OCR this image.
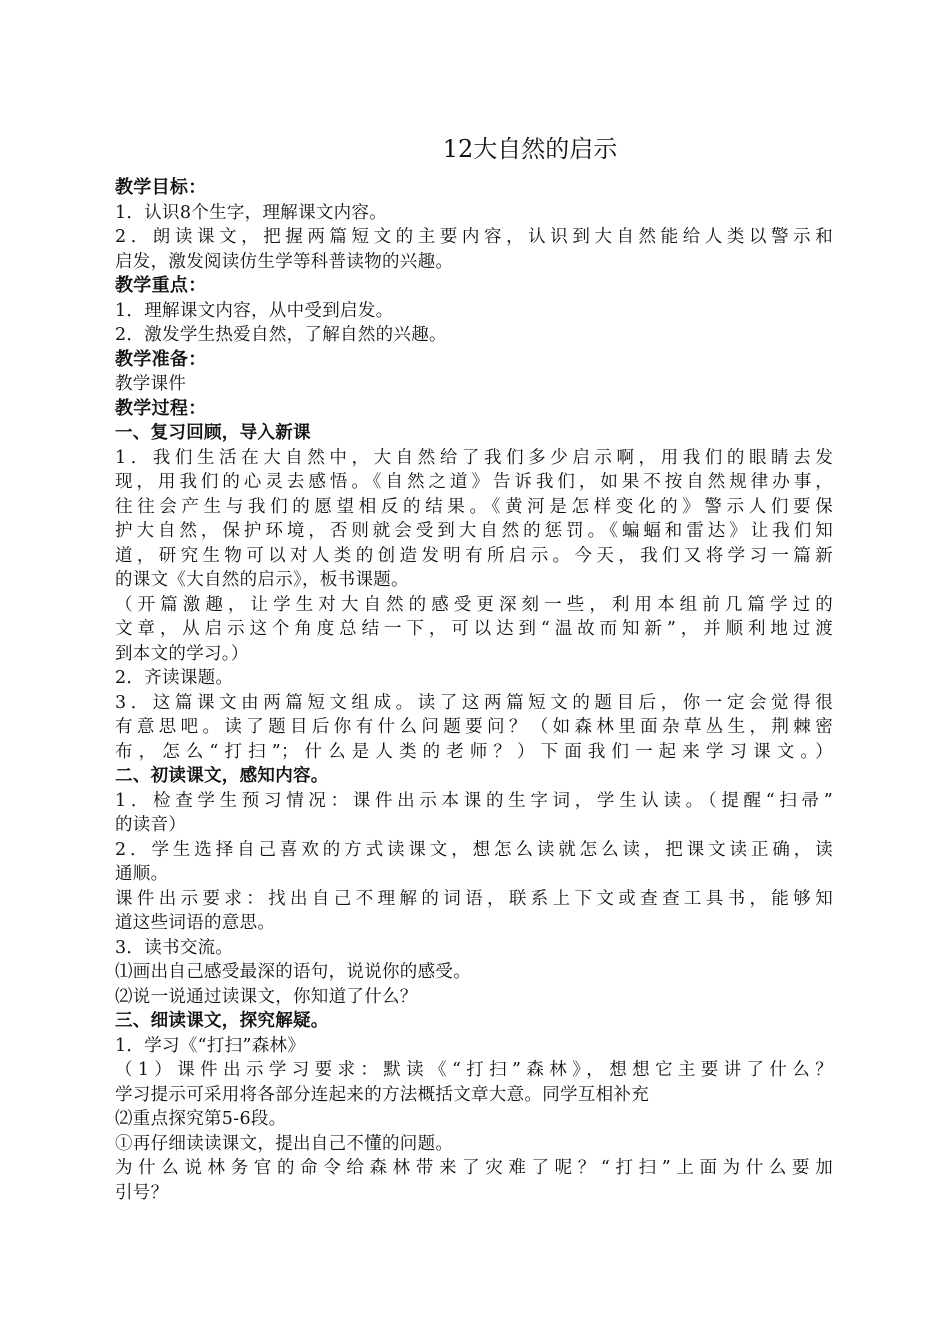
12大自然的启示

教学目标：

1．认识8个生字，理解课文内容。

2．朗读课文，把握两篇短文的主要内容，认识到大自然能给人类以警示和

启发，激发阅读仿生学等科普读物的兴趣。

教学重点：

1．理解课文内容，从中受到启发。

2．激发学生热爱自然，了解自然的兴趣。

教学准备：

教学课件

教学过程：

一、复习回顾，导入新课

1．我们生活在大自然中，大自然给了我们多少启示啊，用我们的眼睛去发

现，用我们的心灵去感悟。《自然之道》告诉我们，如果不按自然规律办事，

往往会产生与我们的愿望相反的结果。《黄河是怎样变化的》警示人们要保

护大自然，保护环境，否则就会受到大自然的惩罚。《蝙蝠和雷达》让我们知

道，研究生物可以对人类的创造发明有所启示。今天，我们又将学习一篇新

的课文《大自然的启示》，板书课题。

（开篇激趣，让学生对大自然的感受更深刻一些，利用本组前几篇学过的

文章，从启示这个角度总结一下，可以达到“温故而知新”，并顺利地过渡

到本文的学习。）

2．齐读课题。

3．这篇课文由两篇短文组成。读了这两篇短文的题目后，你一定会觉得很

有意思吧。读了题目后你有什么问题要问？（如森林里面杂草丛生，荆棘密

布，怎么“打扫”；什么是人类的老师？）下面我们一起来学习课文。）

二、初读课文，感知内容。

1．检查学生预习情况：课件出示本课的生字词，学生认读。（提醒“扫帚”

的读音）

2．学生选择自己喜欢的方式读课文，想怎么读就怎么读，把课文读正确，读

通顺。

课件出示要求：找出自己不理解的词语，联系上下文或查查工具书，能够知

道这些词语的意思。

3．读书交流。

⑴画出自己感受最深的语句，说说你的感受。

⑵说一说通过读课文，你知道了什么？

三、细读课文，探究解疑。

1．学习《“打扫”森林》

（1）课件出示学习要求：默读《“打扫”森林》，想想它主要讲了什么？

学习提示可采用将各部分连起来的方法概括文章大意。同学互相补充

⑵重点探究第5-6段。

①再仔细读读课文，提出自己不懂的问题。

为什么说林务官的命令给森林带来了灾难了呢？“打扫”上面为什么要加

引号？
